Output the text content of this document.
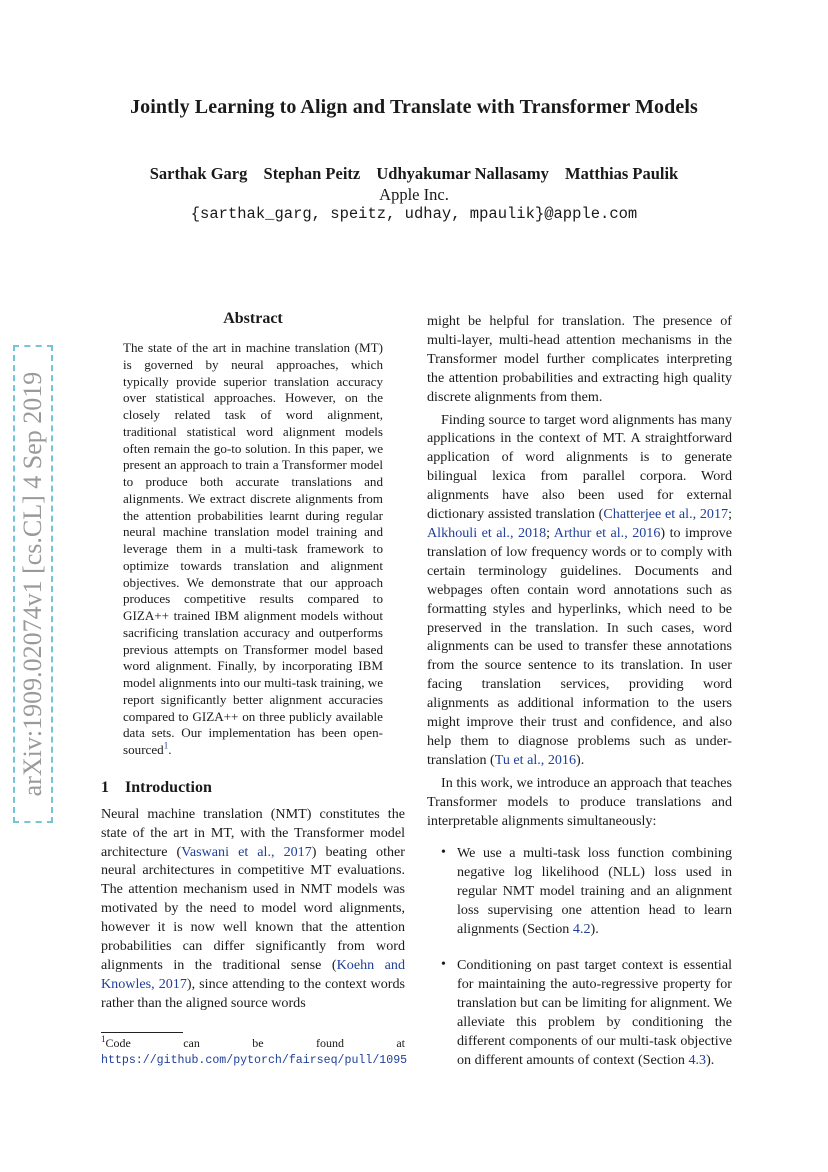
Jointly Learning to Align and Translate with Transformer Models
Sarthak Garg Stephan Peitz Udhyakumar Nallasamy Matthias Paulik
Apple Inc.
{sarthak_garg, speitz, udhay, mpaulik}@apple.com
arXiv:1909.02074v1 [cs.CL] 4 Sep 2019
Abstract
The state of the art in machine translation (MT) is governed by neural approaches, which typically provide superior translation accuracy over statistical approaches. However, on the closely related task of word alignment, traditional statistical word alignment models often remain the go-to solution. In this paper, we present an approach to train a Transformer model to produce both accurate translations and alignments. We extract discrete alignments from the attention probabilities learnt during regular neural machine translation model training and leverage them in a multi-task framework to optimize towards translation and alignment objectives. We demonstrate that our approach produces competitive results compared to GIZA++ trained IBM alignment models without sacrificing translation accuracy and outperforms previous attempts on Transformer model based word alignment. Finally, by incorporating IBM model alignments into our multi-task training, we report significantly better alignment accuracies compared to GIZA++ on three publicly available data sets. Our implementation has been open-sourced$^1$.
1 Introduction

Neural machine translation (NMT) constitutes the state of the art in MT, with the Transformer model architecture (Vaswani et al., 2017) beating other neural architectures in competitive MT evaluations. The attention mechanism used in NMT models was motivated by the need to model word alignments, however it is now well known that the attention probabilities can differ significantly from word alignments in the traditional sense (Koehn and Knowles, 2017), since attending to the context words rather than the aligned source words

$^1$Code can be found at https://github.com/pytorch/fairseq/pull/1095

might be helpful for translation. The presence of multi-layer, multi-head attention mechanisms in the Transformer model further complicates interpreting the attention probabilities and extracting high quality discrete alignments from them.

Finding source to target word alignments has many applications in the context of MT. A straightforward application of word alignments is to generate bilingual lexica from parallel corpora. Word alignments have also been used for external dictionary assisted translation (Chatterjee et al., 2017; Alkhouli et al., 2018; Arthur et al., 2016) to improve translation of low frequency words or to comply with certain terminology guidelines. Documents and webpages often contain word annotations such as formatting styles and hyperlinks, which need to be preserved in the translation. In such cases, word alignments can be used to transfer these annotations from the source sentence to its translation. In user facing translation services, providing word alignments as additional information to the users might improve their trust and confidence, and also help them to diagnose problems such as under-translation (Tu et al., 2016).

In this work, we introduce an approach that teaches Transformer models to produce translations and interpretable alignments simultaneously:

• We use a multi-task loss function combining negative log likelihood (NLL) loss used in regular NMT model training and an alignment loss supervising one attention head to learn alignments (Section 4.2).
• Conditioning on past target context is essential for maintaining the auto-regressive property for translation but can be limiting for alignment. We alleviate this problem by conditioning the different components of our multi-task objective on different amounts of context (Section 4.3).
